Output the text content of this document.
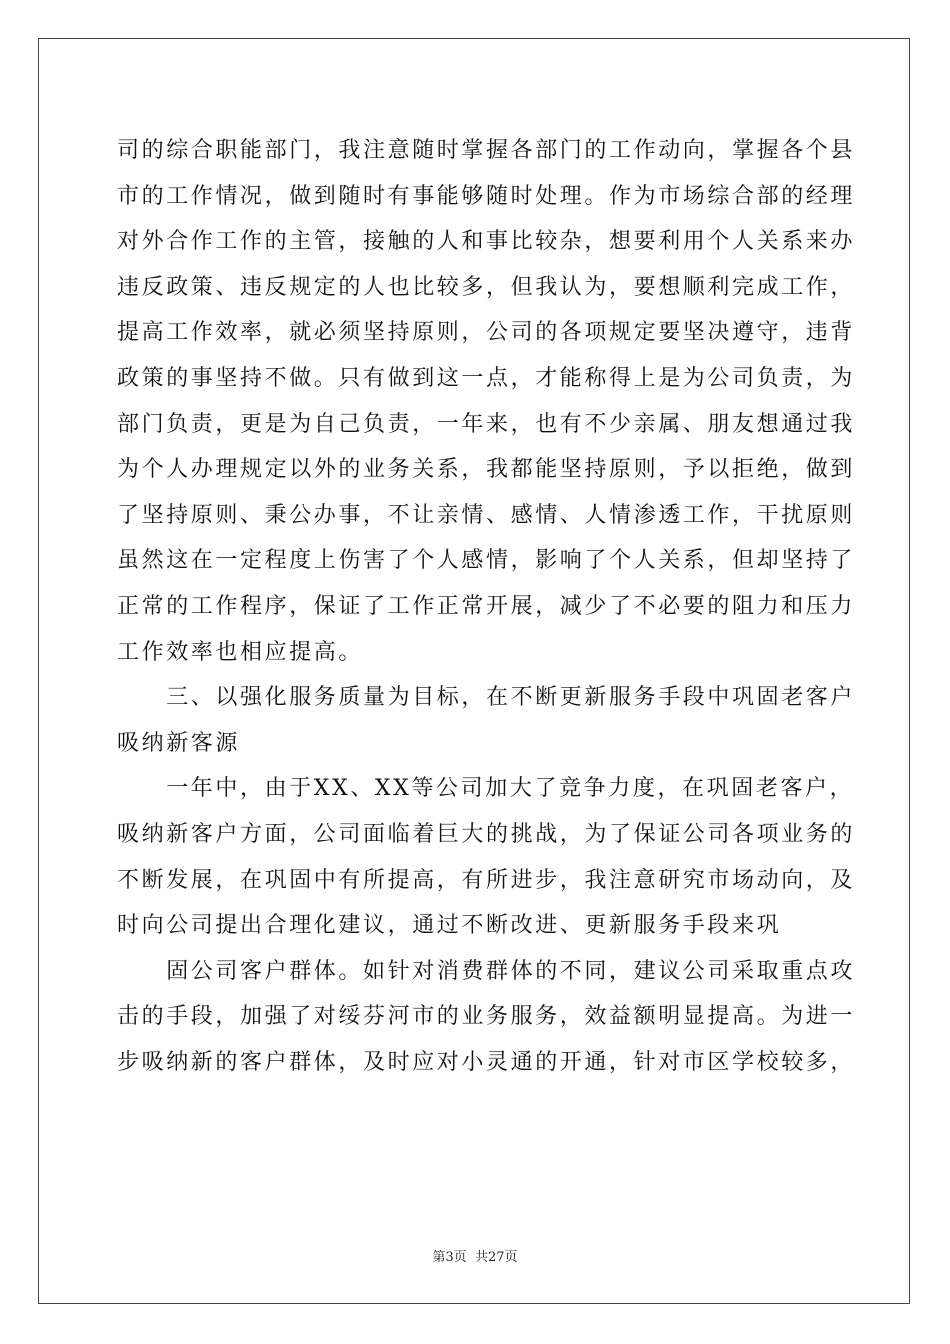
司的综合职能部门，我注意随时掌握各部门的工作动向，掌握各个县
市的工作情况，做到随时有事能够随时处理。作为市场综合部的经理
对外合作工作的主管，接触的人和事比较杂，想要利用个人关系来办
违反政策、违反规定的人也比较多，但我认为，要想顺利完成工作，
提高工作效率，就必须坚持原则，公司的各项规定要坚决遵守，违背
政策的事坚持不做。只有做到这一点，才能称得上是为公司负责，为
部门负责，更是为自己负责，一年来，也有不少亲属、朋友想通过我
为个人办理规定以外的业务关系，我都能坚持原则，予以拒绝，做到
了坚持原则、秉公办事，不让亲情、感情、人情渗透工作，干扰原则
虽然这在一定程度上伤害了个人感情，影响了个人关系，但却坚持了
正常的工作程序，保证了工作正常开展，减少了不必要的阻力和压力
工作效率也相应提高。
　　三、以强化服务质量为目标，在不断更新服务手段中巩固老客户
吸纳新客源
　　一年中，由于XX、XX等公司加大了竞争力度，在巩固老客户，
吸纳新客户方面，公司面临着巨大的挑战，为了保证公司各项业务的
不断发展，在巩固中有所提高，有所进步，我注意研究市场动向，及
时向公司提出合理化建议，通过不断改进、更新服务手段来巩
　　固公司客户群体。如针对消费群体的不同，建议公司采取重点攻
击的手段，加强了对绥芬河市的业务服务，效益额明显提高。为进一
步吸纳新的客户群体，及时应对小灵通的开通，针对市区学校较多，
第3页 共27页
